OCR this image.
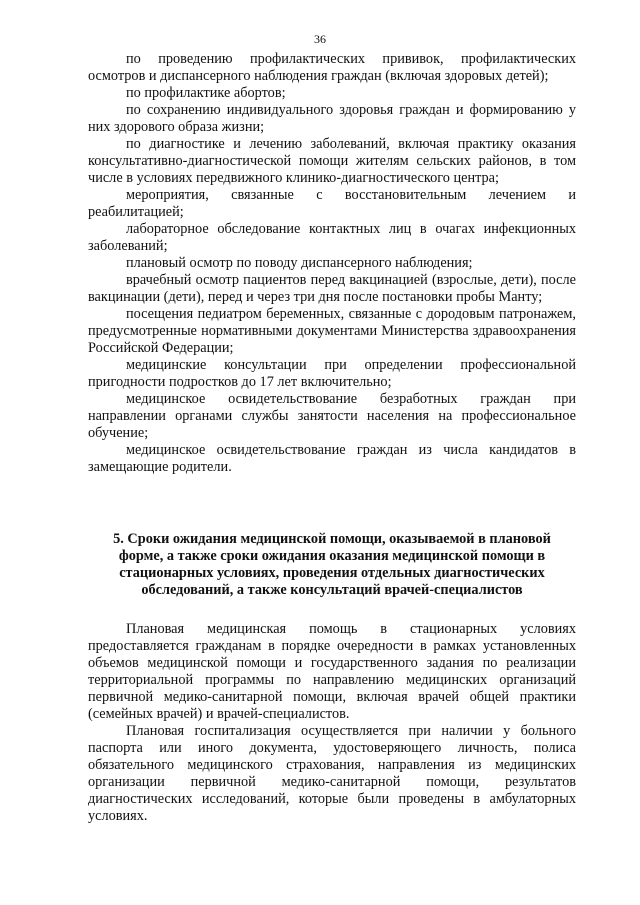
36

по проведению профилактических прививок, профилактических осмотров и диспансерного наблюдения граждан (включая здоровых детей);

по профилактике абортов;

по сохранению индивидуального здоровья граждан и формированию у них здорового образа жизни;

по диагностике и лечению заболеваний, включая практику оказания консультативно-диагностической помощи жителям сельских районов, в том числе в условиях передвижного клинико-диагностического центра;

мероприятия, связанные с восстановительным лечением и реабилитацией;

лабораторное обследование контактных лиц в очагах инфекционных заболеваний;

плановый осмотр по поводу диспансерного наблюдения;

врачебный осмотр пациентов перед вакцинацией (взрослые, дети), после вакцинации (дети), перед и через три дня после постановки пробы Манту;

посещения педиатром беременных, связанные с дородовым патронажем, предусмотренные нормативными документами Министерства здравоохранения Российской Федерации;

медицинские консультации при определении профессиональной пригодности подростков до 17 лет включительно;

медицинское освидетельствование безработных граждан при направлении органами службы занятости населения на профессиональное обучение;

медицинское освидетельствование граждан из числа кандидатов в замещающие родители.

5. Сроки ожидания медицинской помощи, оказываемой в плановой форме, а также сроки ожидания оказания медицинской помощи в стационарных условиях, проведения отдельных диагностических обследований, а также консультаций врачей-специалистов

Плановая медицинская помощь в стационарных условиях предоставляется гражданам в порядке очередности в рамках установленных объемов медицинской помощи и государственного задания по реализации территориальной программы по направлению медицинских организаций первичной медико-санитарной помощи, включая врачей общей практики (семейных врачей) и врачей-специалистов.

Плановая госпитализация осуществляется при наличии у больного паспорта или иного документа, удостоверяющего личность, полиса обязательного медицинского страхования, направления из медицинских организации первичной медико-санитарной помощи, результатов диагностических исследований, которые были проведены в амбулаторных условиях.
